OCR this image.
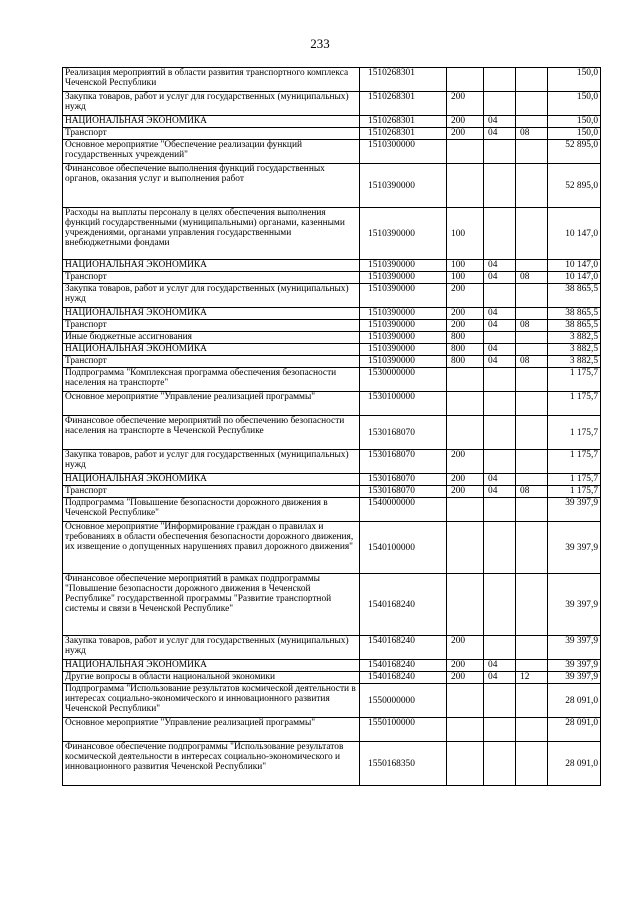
233
Реализация мероприятий в области развития транспортного комплекса Чеченской Республики	1510268301				150,0
Закупка товаров, работ и услуг для государственных (муниципальных) нужд	1510268301	200			150,0
НАЦИОНАЛЬНАЯ ЭКОНОМИКА	1510268301	200	04		150,0
Транспорт	1510268301	200	04	08	150,0
Основное мероприятие "Обеспечение реализации функций государственных учреждений"	1510300000				52 895,0
Финансовое обеспечение выполнения функций государственных органов, оказания услуг и выполнения работ	1510390000				52 895,0
Расходы на выплаты персоналу в целях обеспечения выполнения функций государственными (муниципальными) органами, казенными учреждениями, органами управления государственными внебюджетными фондами	1510390000	100			10 147,0
НАЦИОНАЛЬНАЯ ЭКОНОМИКА	1510390000	100	04		10 147,0
Транспорт	1510390000	100	04	08	10 147,0
Закупка товаров, работ и услуг для государственных (муниципальных) нужд	1510390000	200			38 865,5
НАЦИОНАЛЬНАЯ ЭКОНОМИКА	1510390000	200	04		38 865,5
Транспорт	1510390000	200	04	08	38 865,5
Иные бюджетные ассигнования	1510390000	800			3 882,5
НАЦИОНАЛЬНАЯ ЭКОНОМИКА	1510390000	800	04		3 882,5
Транспорт	1510390000	800	04	08	3 882,5
Подпрограмма "Комплексная программа обеспечения безопасности населения на транспорте"	1530000000				1 175,7
Основное мероприятие "Управление реализацией программы"	1530100000				1 175,7
Финансовое обеспечение мероприятий по обеспечению безопасности населения на транспорте в Чеченской Республике	1530168070				1 175,7
Закупка товаров, работ и услуг для государственных (муниципальных) нужд	1530168070	200			1 175,7
НАЦИОНАЛЬНАЯ ЭКОНОМИКА	1530168070	200	04		1 175,7
Транспорт	1530168070	200	04	08	1 175,7
Подпрограмма "Повышение безопасности дорожного движения в Чеченской Республике"	1540000000				39 397,9
Основное мероприятие "Информирование граждан о правилах и требованиях в области обеспечения безопасности дорожного движения, их извещение о допущенных нарушениях правил дорожного движения"	1540100000				39 397,9
Финансовое обеспечение мероприятий в рамках подпрограммы "Повышение безопасности дорожного движения в Чеченской Республике" государственной программы "Развитие транспортной системы и связи в Чеченской Республике"	1540168240				39 397,9
Закупка товаров, работ и услуг для государственных (муниципальных) нужд	1540168240	200			39 397,9
НАЦИОНАЛЬНАЯ ЭКОНОМИКА	1540168240	200	04		39 397,9
Другие вопросы в области национальной экономики	1540168240	200	04	12	39 397,9
Подпрограмма "Использование результатов космической деятельности в интересах социально-экономического и инновационного развития Чеченской Республики"	1550000000				28 091,0
Основное мероприятие "Управление реализацией программы"	1550100000				28 091,0
Финансовое обеспечение подпрограммы "Использование результатов космической деятельности в интересах социально-экономического и инновационного развития Чеченской Республики"	1550168350				28 091,0
